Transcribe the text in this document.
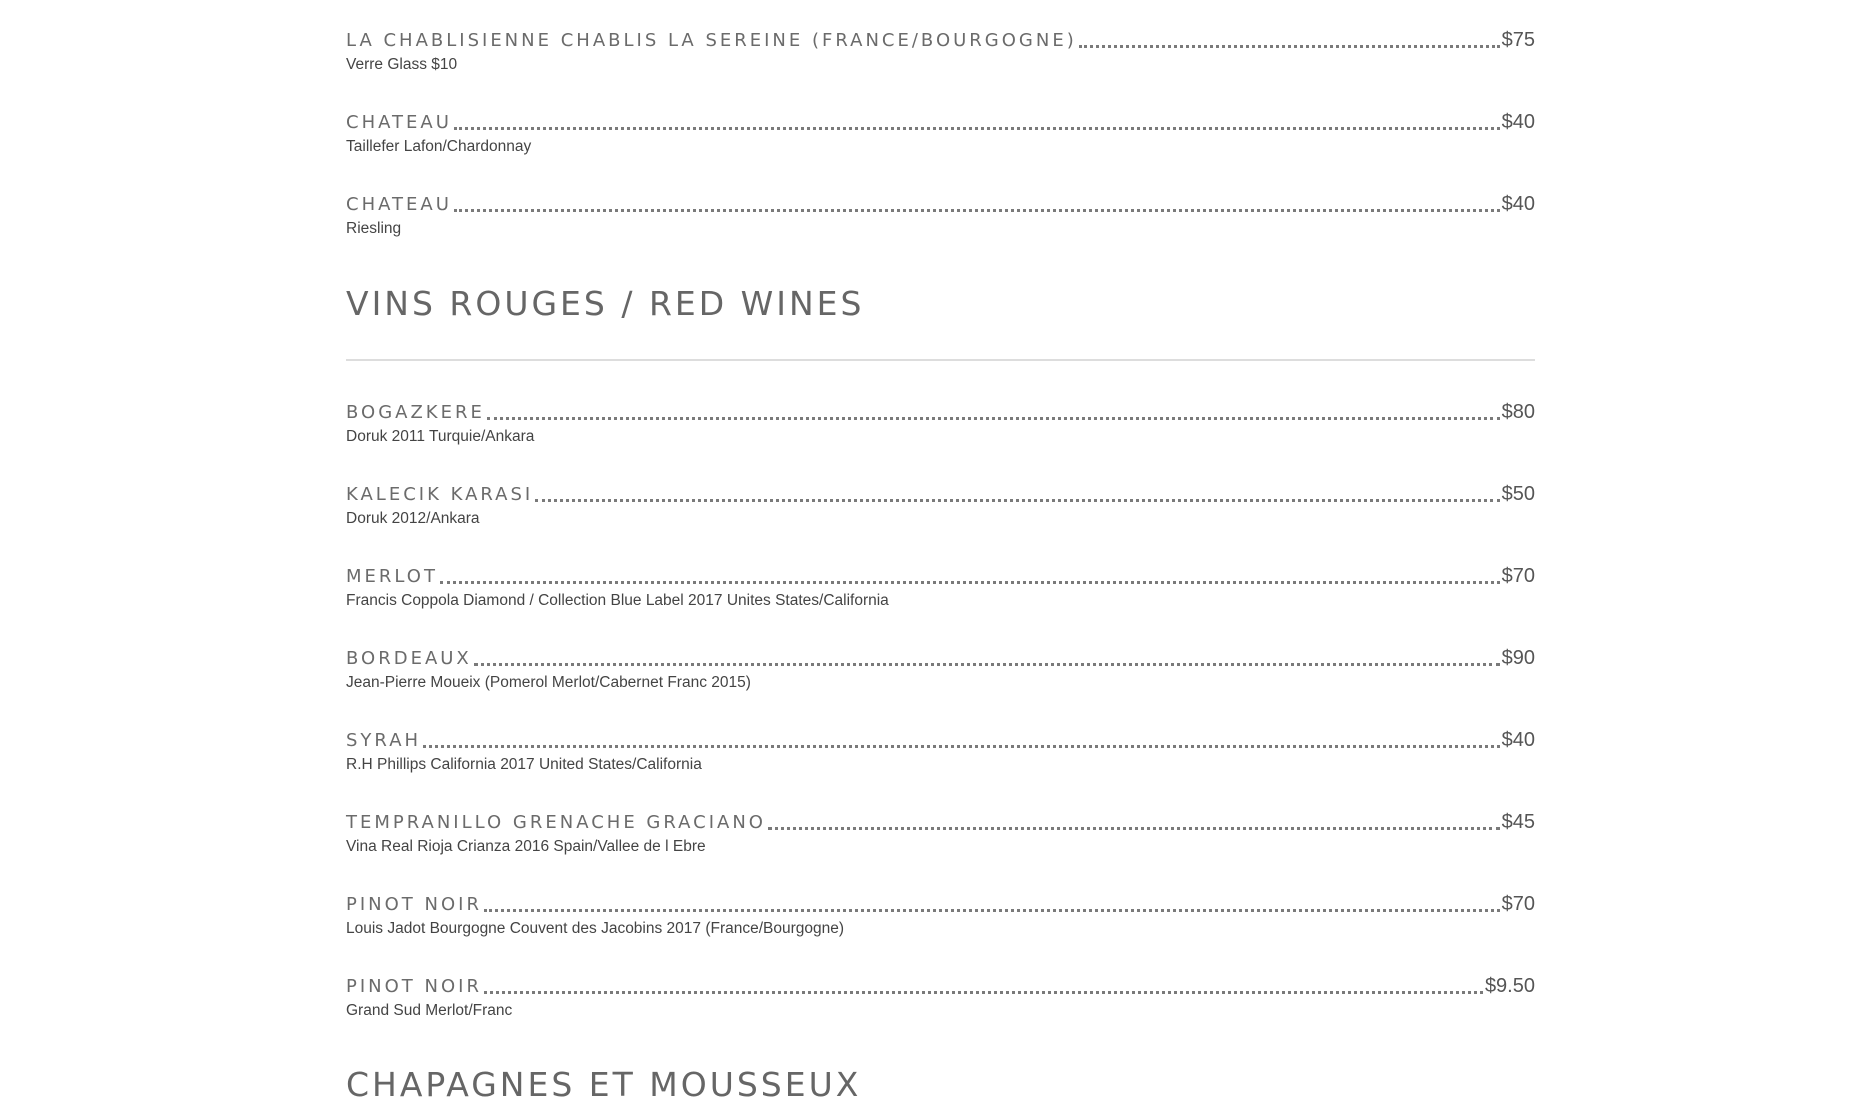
LA CHABLISIENNE CHABLIS LA SEREINE (FRANCE/BOURGOGNE)	$75
Verre Glass $10
CHATEAU	$40
Taillefer Lafon/Chardonnay
CHATEAU	$40
Riesling
VINS ROUGES / RED WINES
BOGAZKERE	$80
Doruk 2011 Turquie/Ankara
KALECIK KARASI	$50
Doruk 2012/Ankara
MERLOT	$70
Francis Coppola Diamond / Collection Blue Label 2017 Unites States/California
BORDEAUX	$90
Jean-Pierre Moueix (Pomerol Merlot/Cabernet Franc 2015)
SYRAH	$40
R.H Phillips California 2017 United States/California
TEMPRANILLO GRENACHE GRACIANO	$45
Vina Real Rioja Crianza 2016 Spain/Vallee de l Ebre
PINOT NOIR	$70
Louis Jadot Bourgogne Couvent des Jacobins 2017 (France/Bourgogne)
PINOT NOIR	$9.50
Grand Sud Merlot/Franc
CHAPAGNES ET MOUSSEUX
